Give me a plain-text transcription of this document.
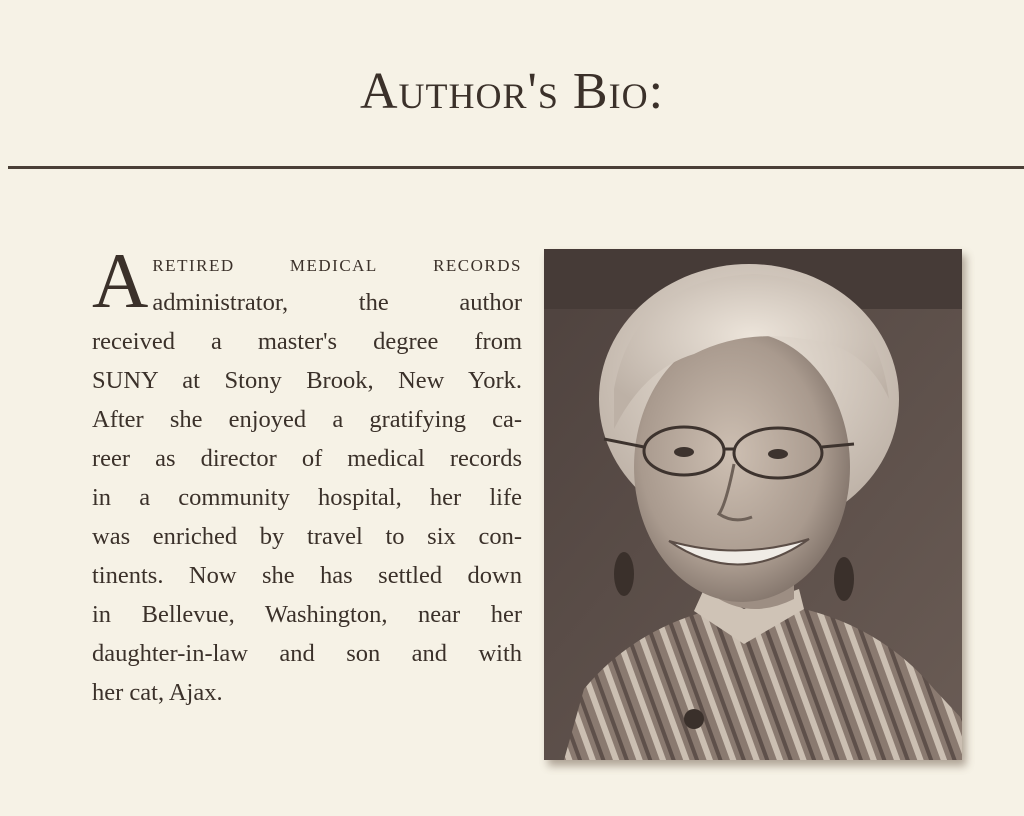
Author's Bio:
A retired medical records
administrator, the author
received a master's degree from
SUNY at Stony Brook, New York.
After she enjoyed a gratifying ca-
reer as director of medical records
in a community hospital, her life
was enriched by travel to six con-
tinents. Now she has settled down
in Bellevue, Washington, near her
daughter-in-law and son and with
her cat, Ajax.
